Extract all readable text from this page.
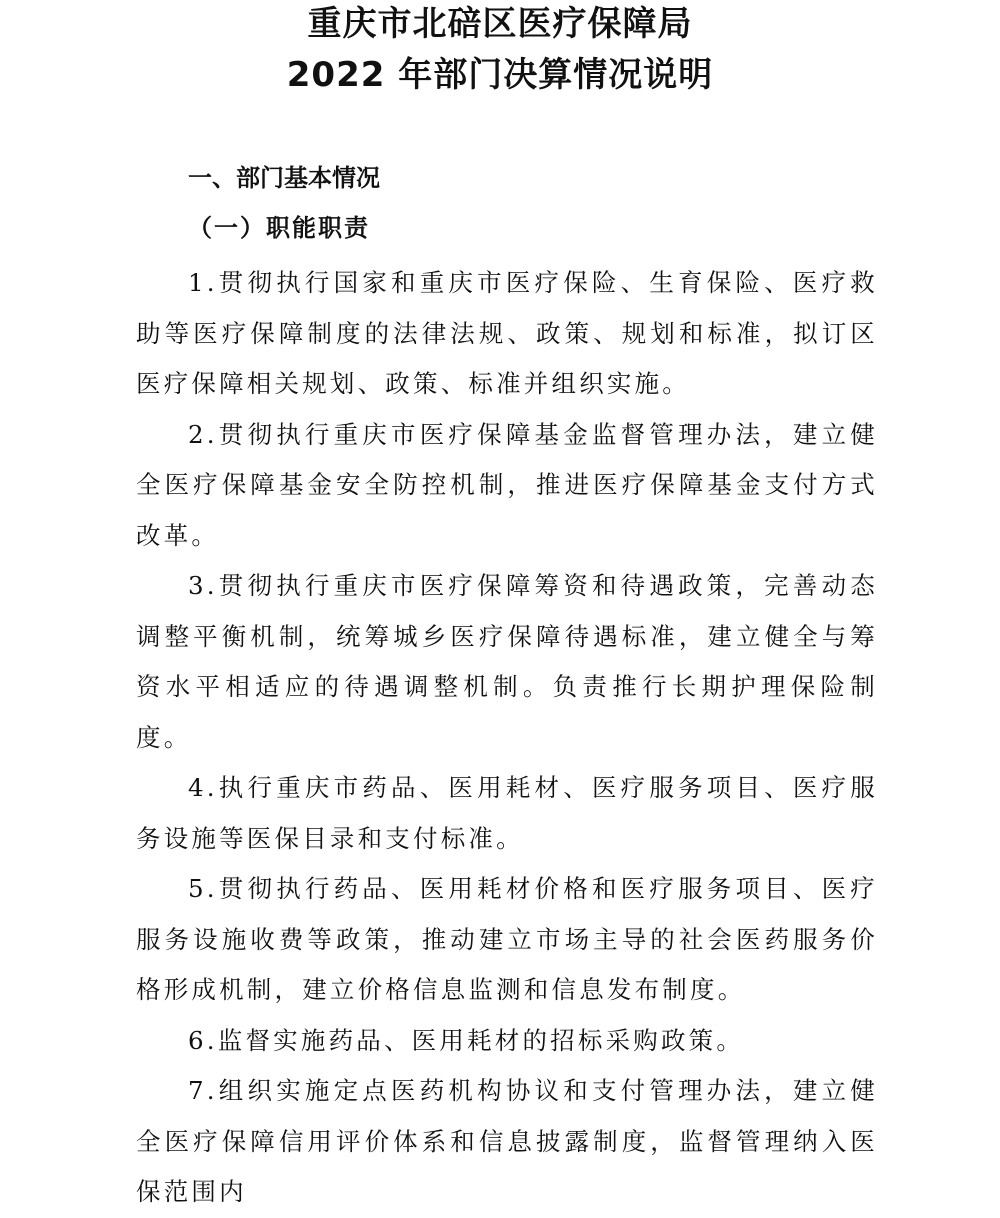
重庆市北碚区医疗保障局
2022 年部门决算情况说明
一、部门基本情况
（一）职能职责

1.贯彻执行国家和重庆市医疗保险、生育保险、医疗救助等医疗保障制度的法律法规、政策、规划和标准，拟订区医疗保障相关规划、政策、标准并组织实施。

2.贯彻执行重庆市医疗保障基金监督管理办法，建立健全医疗保障基金安全防控机制，推进医疗保障基金支付方式改革。

3.贯彻执行重庆市医疗保障筹资和待遇政策，完善动态调整平衡机制，统筹城乡医疗保障待遇标准，建立健全与筹资水平相适应的待遇调整机制。负责推行长期护理保险制度。

4.执行重庆市药品、医用耗材、医疗服务项目、医疗服务设施等医保目录和支付标准。

5.贯彻执行药品、医用耗材价格和医疗服务项目、医疗服务设施收费等政策，推动建立市场主导的社会医药服务价格形成机制，建立价格信息监测和信息发布制度。

6.监督实施药品、医用耗材的招标采购政策。

7.组织实施定点医药机构协议和支付管理办法，建立健全医疗保障信用评价体系和信息披露制度，监督管理纳入医保范围内
